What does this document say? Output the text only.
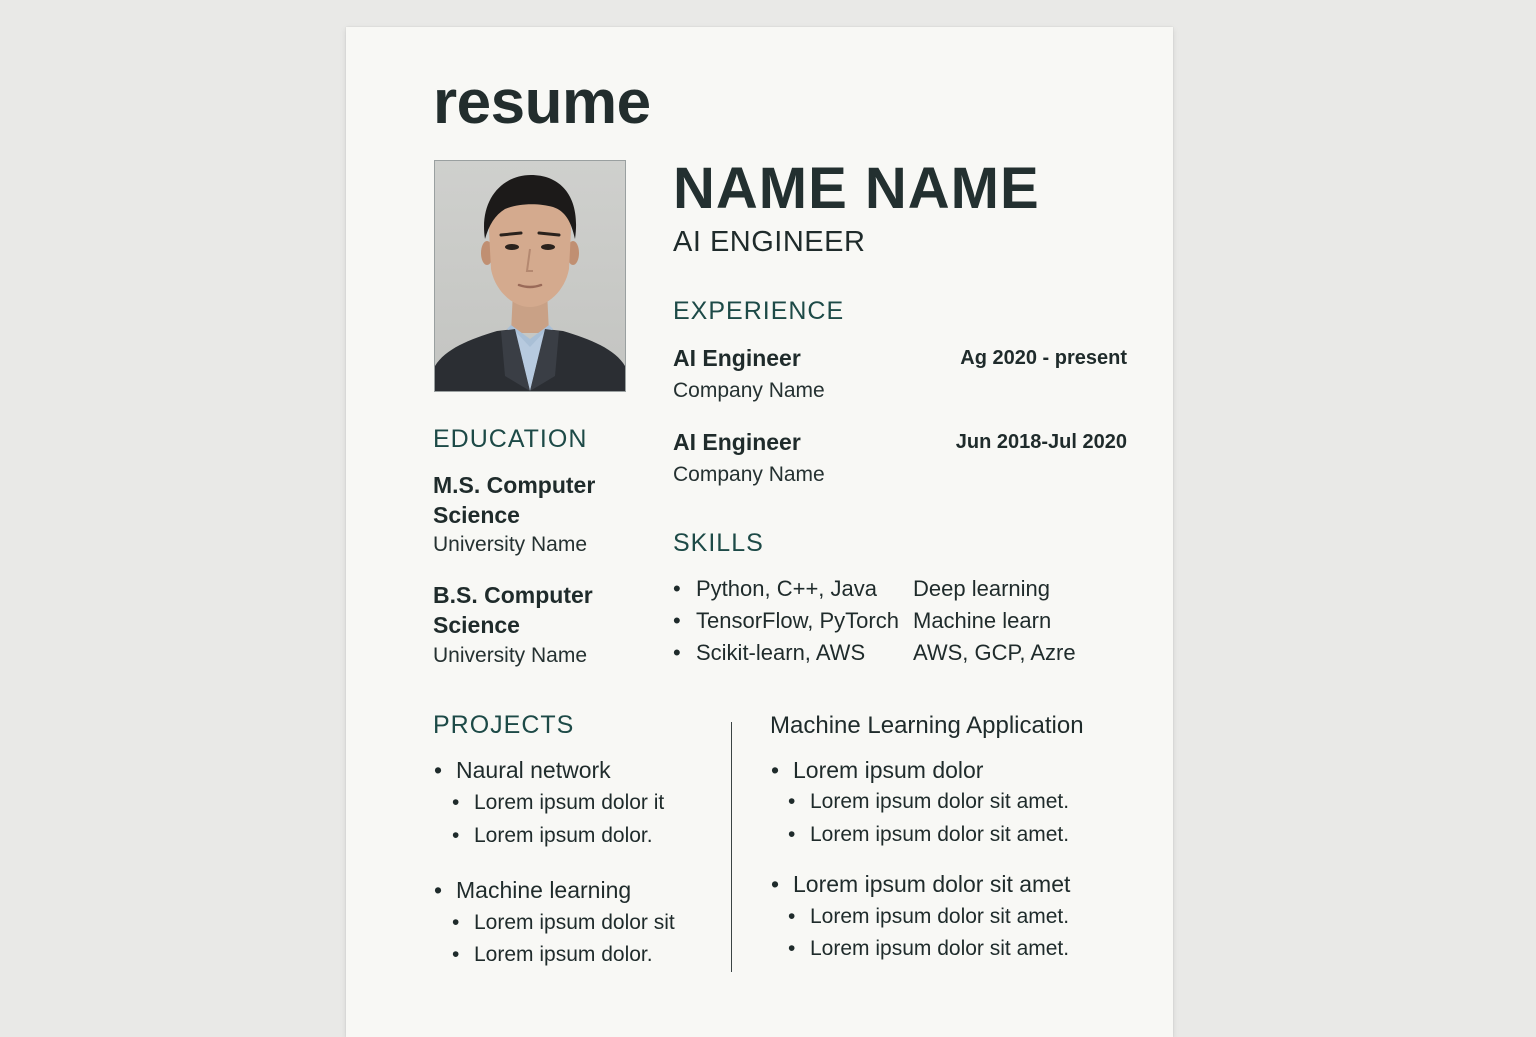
resume
NAME NAME
AI ENGINEER
EXPERIENCE
AI Engineer	Ag 2020 - present
Company Name
AI Engineer	Jun 2018-Jul 2020
Company Name
EDUCATION
M.S. Computer Science
University Name
B.S. Computer Science
University Name
SKILLS
• Python, C++, Java Deep learning
• TensorFlow, PyTorch Machine learn
• Scikit-learn, AWS AWS, GCP, Azre
PROJECTS
• Naural network
• Lorem ipsum dolor it
• Lorem ipsum dolor.
• Machine learning
• Lorem ipsum dolor sit
• Lorem ipsum dolor.
Machine Learning Application
• Lorem ipsum dolor
• Lorem ipsum dolor sit amet.
• Lorem ipsum dolor sit amet.
• Lorem ipsum dolor sit amet
• Lorem ipsum dolor sit amet.
• Lorem ipsum dolor sit amet.
